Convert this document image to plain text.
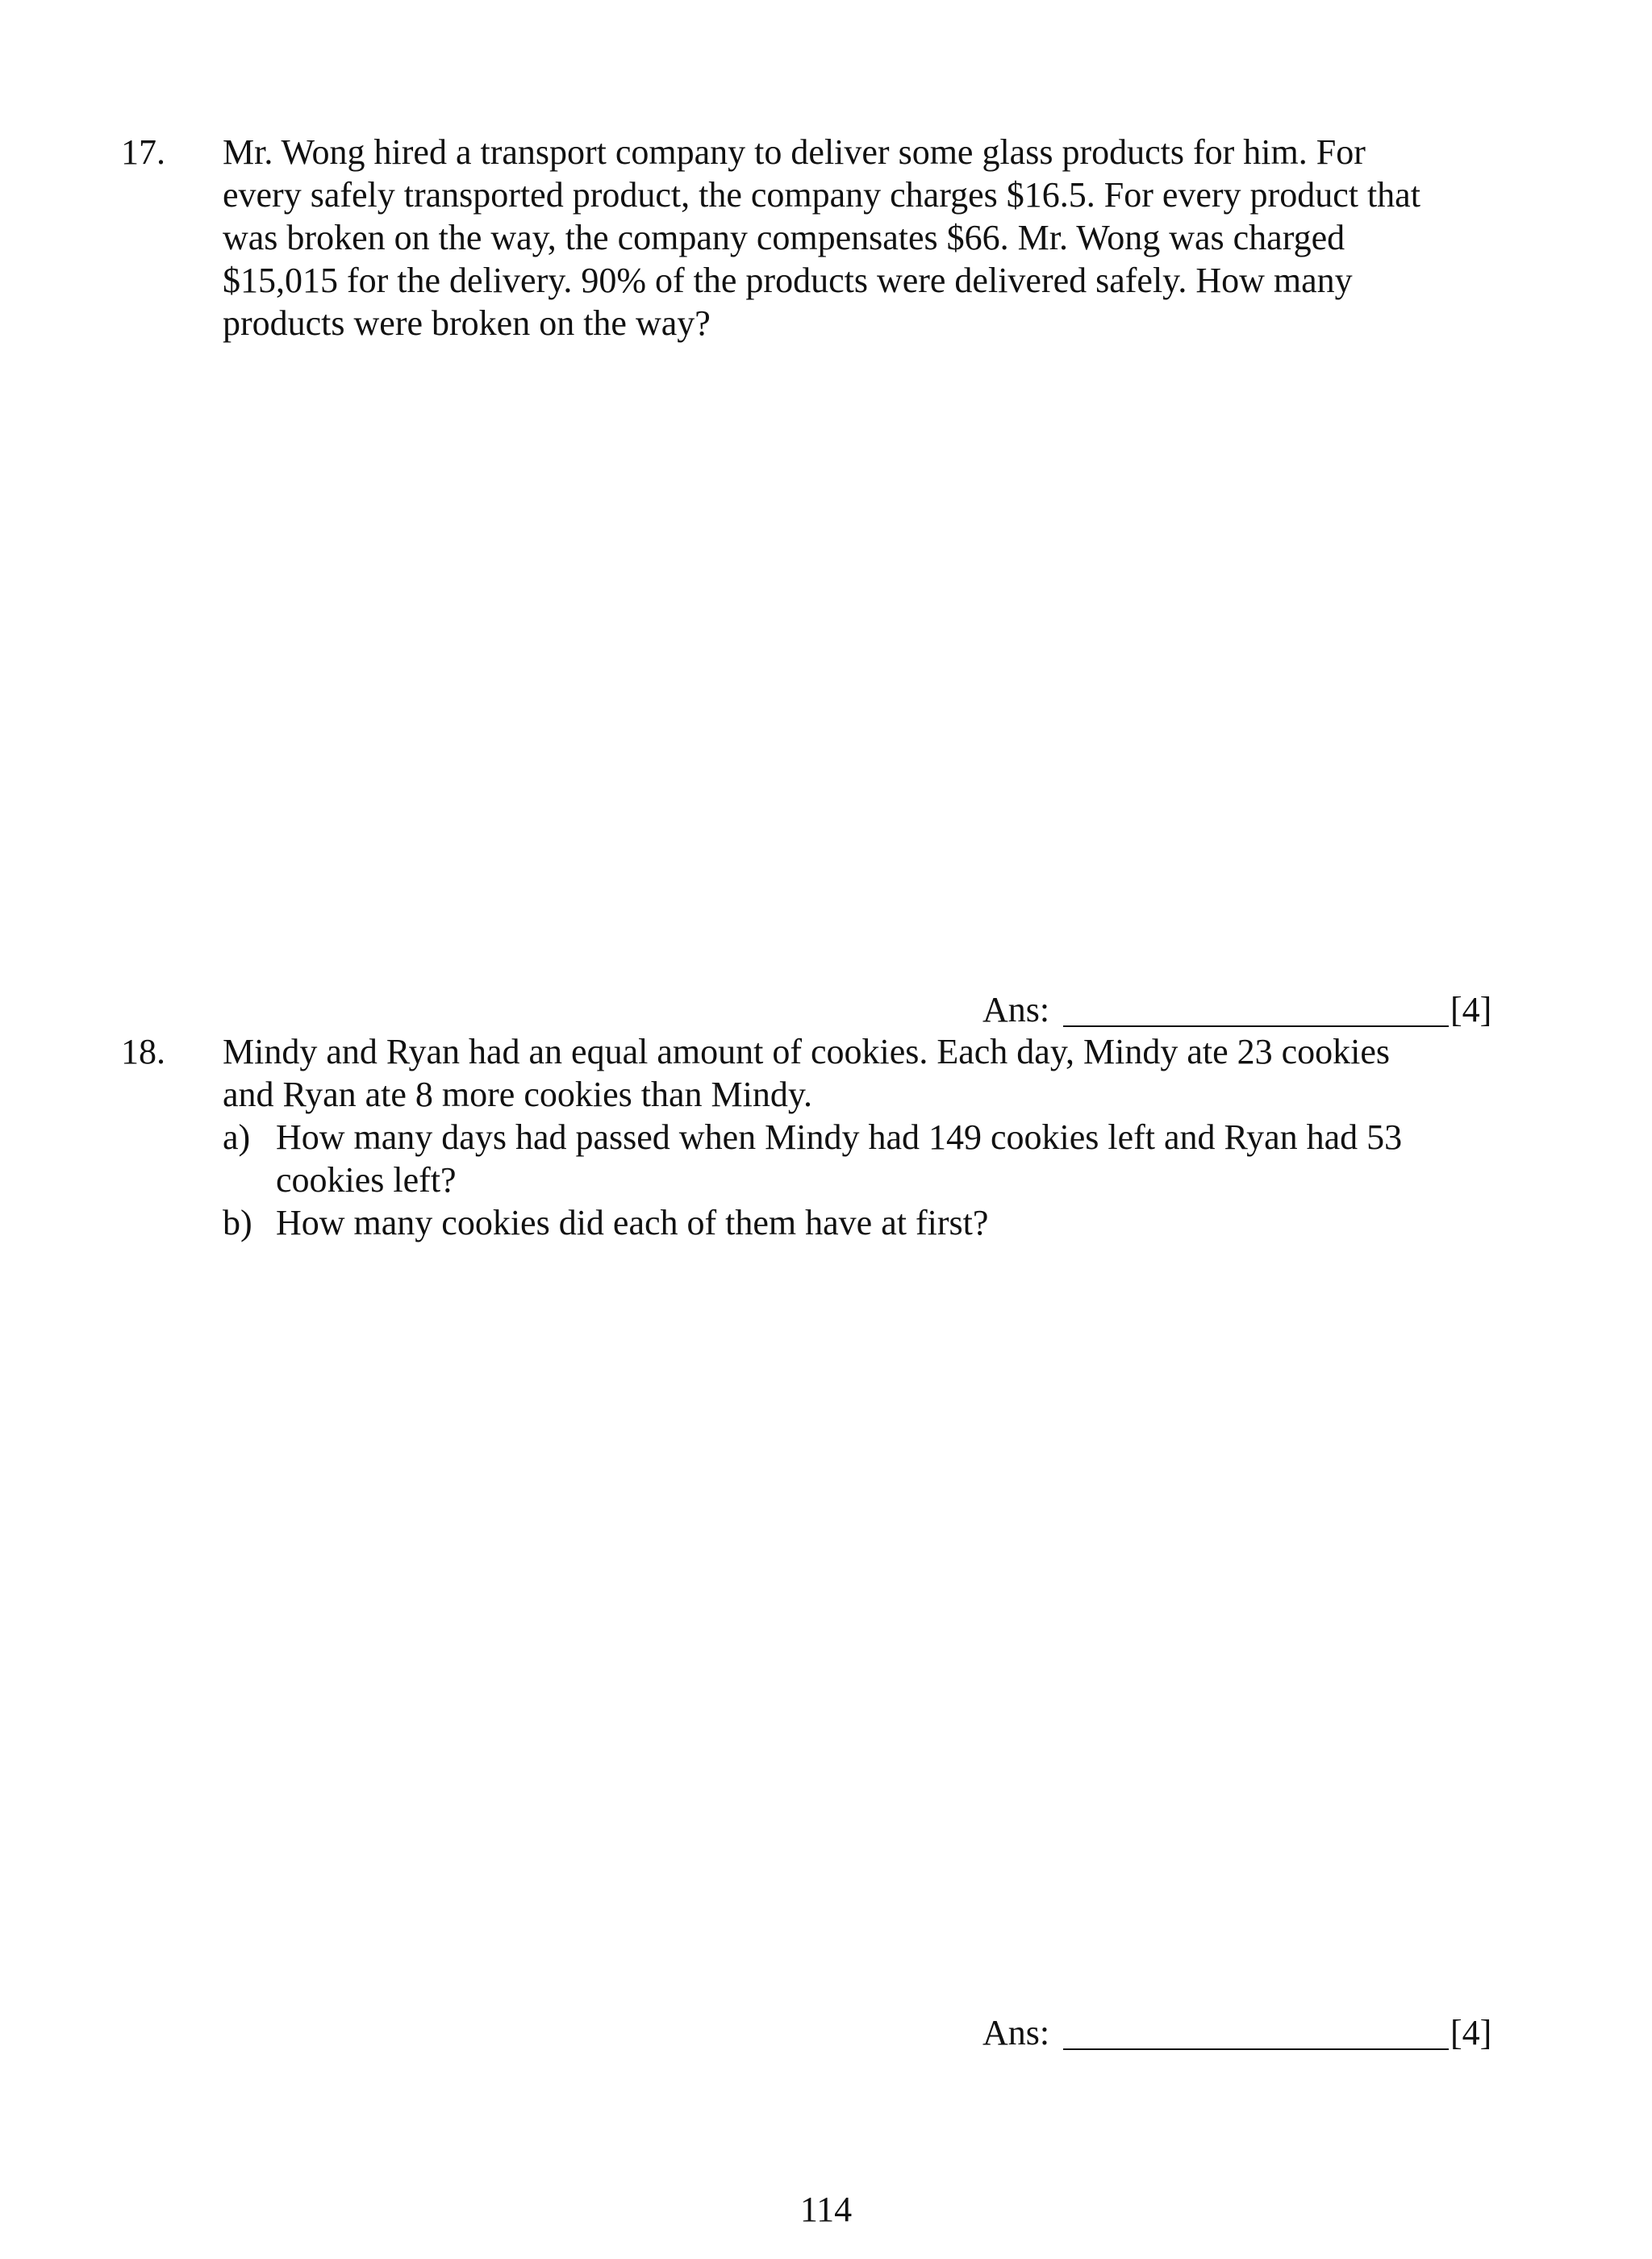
17. Mr. Wong hired a transport company to deliver some glass products for him. For
every safely transported product, the company charges $16.5. For every product that
was broken on the way, the company compensates $66. Mr. Wong was charged
$15,015 for the delivery. 90% of the products were delivered safely. How many
products were broken on the way?
Ans:	[4]
18. Mindy and Ryan had an equal amount of cookies. Each day, Mindy ate 23 cookies
and Ryan ate 8 more cookies than Mindy.
a) How many days had passed when Mindy had 149 cookies left and Ryan had 53
cookies left?
b) How many cookies did each of them have at first?
Ans:	[4]
114
